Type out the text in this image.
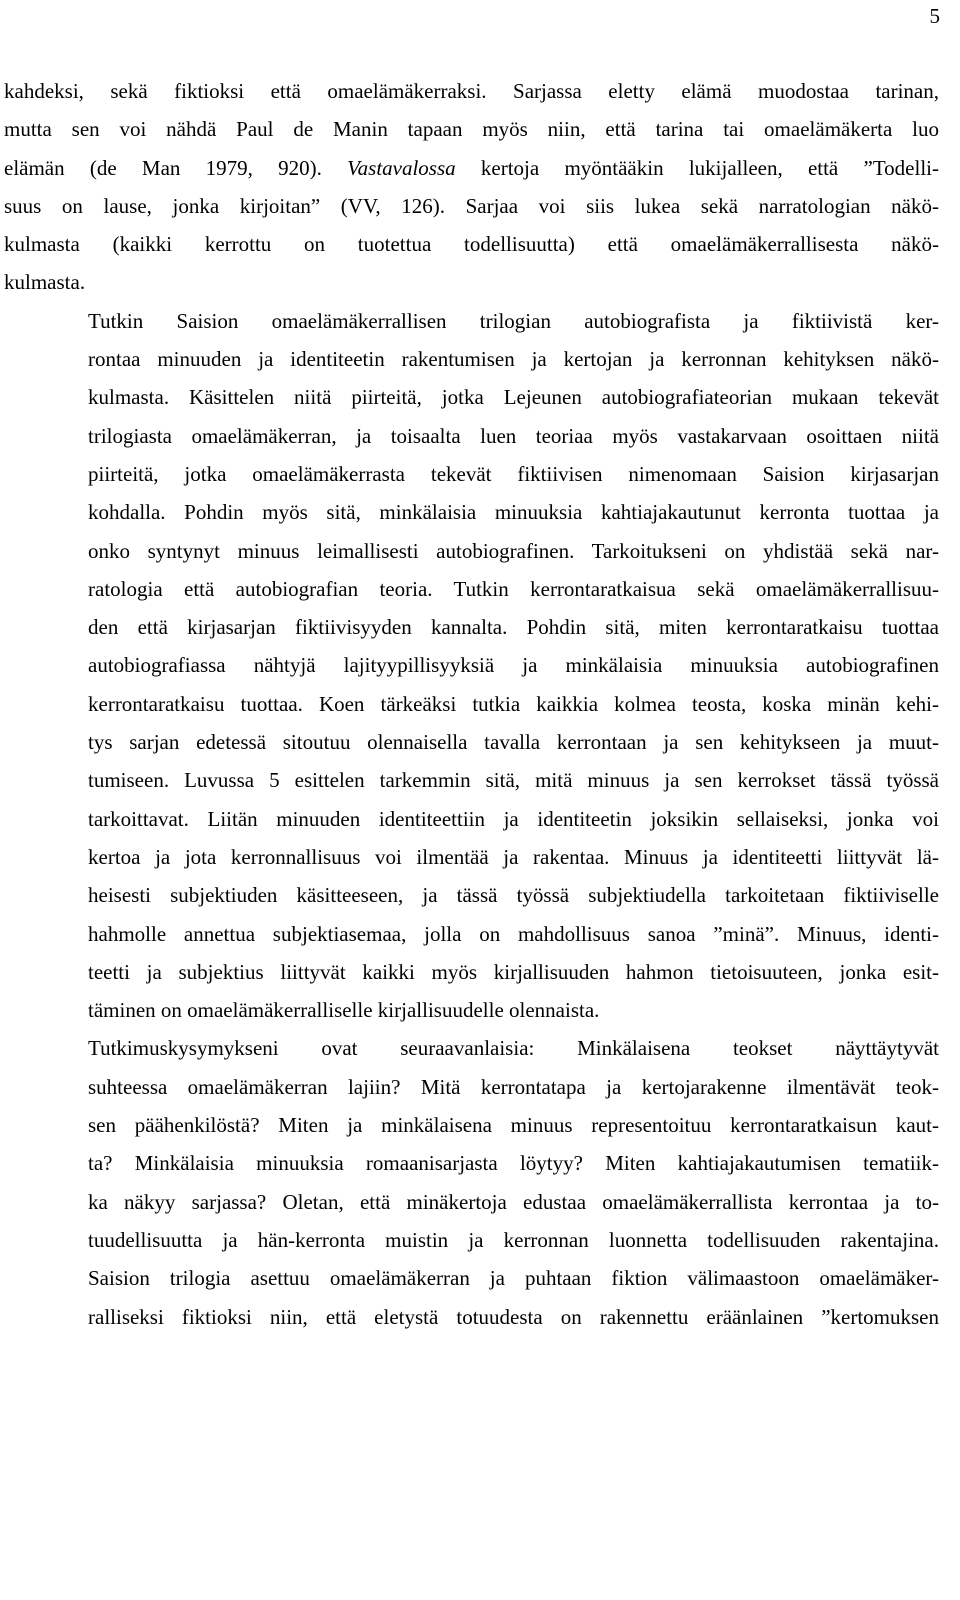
5

kahdeksi, sekä fiktioksi että omaelämäkerraksi. Sarjassa eletty elämä muodostaa tarinan,
mutta sen voi nähdä Paul de Manin tapaan myös niin, että tarina tai omaelämäkerta luo
elämän (de Man 1979, 920). Vastavalossa kertoja myöntääkin lukijalleen, että ”Todelli-
suus on lause, jonka kirjoitan” (VV, 126). Sarjaa voi siis lukea sekä narratologian näkö-
kulmasta (kaikki kerrottu on tuotettua todellisuutta) että omaelämäkerrallisesta näkö-
kulmasta.

Tutkin Saision omaelämäkerrallisen trilogian autobiografista ja fiktiivistä ker-
rontaa minuuden ja identiteetin rakentumisen ja kertojan ja kerronnan kehityksen näkö-
kulmasta. Käsittelen niitä piirteitä, jotka Lejeunen autobiografiateorian mukaan tekevät
trilogiasta omaelämäkerran, ja toisaalta luen teoriaa myös vastakarvaan osoittaen niitä
piirteitä, jotka omaelämäkerrasta tekevät fiktiivisen nimenomaan Saision kirjasarjan
kohdalla. Pohdin myös sitä, minkälaisia minuuksia kahtiajakautunut kerronta tuottaa ja
onko syntynyt minuus leimallisesti autobiografinen. Tarkoitukseni on yhdistää sekä nar-
ratologia että autobiografian teoria. Tutkin kerrontaratkaisua sekä omaelämäkerrallisuu-
den että kirjasarjan fiktiivisyyden kannalta. Pohdin sitä, miten kerrontaratkaisu tuottaa
autobiografiassa nähtyjä lajityypillisyyksiä ja minkälaisia minuuksia autobiografinen
kerrontaratkaisu tuottaa. Koen tärkeäksi tutkia kaikkia kolmea teosta, koska minän kehi-
tys sarjan edetessä sitoutuu olennaisella tavalla kerrontaan ja sen kehitykseen ja muut-
tumiseen. Luvussa 5 esittelen tarkemmin sitä, mitä minuus ja sen kerrokset tässä työssä
tarkoittavat. Liitän minuuden identiteettiin ja identiteetin joksikin sellaiseksi, jonka voi
kertoa ja jota kerronnallisuus voi ilmentää ja rakentaa. Minuus ja identiteetti liittyvät lä-
heisesti subjektiuden käsitteeseen, ja tässä työssä subjektiudella tarkoitetaan fiktiiviselle
hahmolle annettua subjektiasemaa, jolla on mahdollisuus sanoa ”minä”. Minuus, identi-
teetti ja subjektius liittyvät kaikki myös kirjallisuuden hahmon tietoisuuteen, jonka esit-
täminen on omaelämäkerralliselle kirjallisuudelle olennaista.

Tutkimuskysymykseni ovat seuraavanlaisia: Minkälaisena teokset näyttäytyvät
suhteessa omaelämäkerran lajiin? Mitä kerrontatapa ja kertojarakenne ilmentävät teok-
sen päähenkilöstä? Miten ja minkälaisena minuus representoituu kerrontaratkaisun kaut-
ta? Minkälaisia minuuksia romaanisarjasta löytyy? Miten kahtiajakautumisen tematiik-
ka näkyy sarjassa? Oletan, että minäkertoja edustaa omaelämäkerrallista kerrontaa ja to-
tuudellisuutta ja hän-kerronta muistin ja kerronnan luonnetta todellisuuden rakentajina.
Saision trilogia asettuu omaelämäkerran ja puhtaan fiktion välimaastoon omaelämäker-
ralliseksi fiktioksi niin, että eletystä totuudesta on rakennettu eräänlainen ”kertomuksen
